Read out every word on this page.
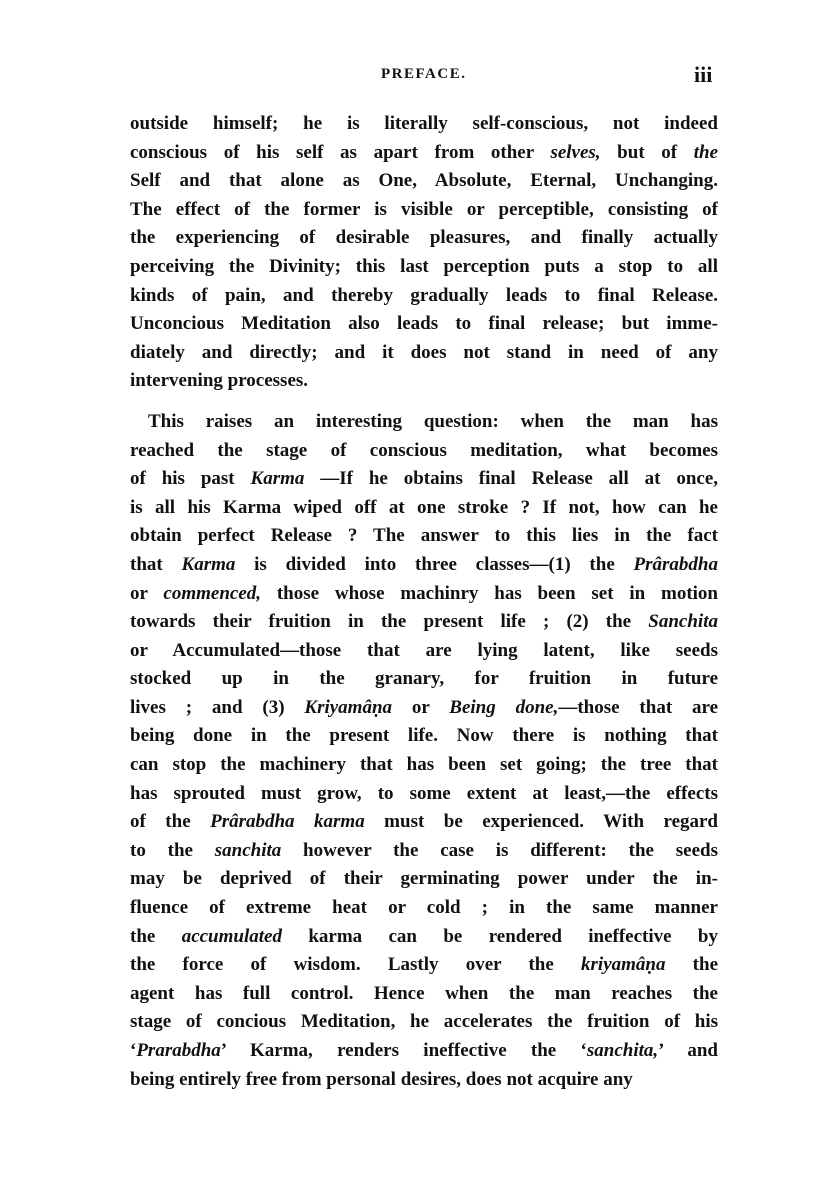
PREFACE.	iii
outside himself; he is literally self-conscious, not indeed
conscious of his self as apart from other selves, but of the
Self and that alone as One, Absolute, Eternal, Unchanging.
The effect of the former is visible or perceptible, consisting of
the experiencing of desirable pleasures, and finally actually
perceiving the Divinity; this last perception puts a stop to all
kinds of pain, and thereby gradually leads to final Release.
Unconcious Meditation also leads to final release; but imme-
diately and directly; and it does not stand in need of any
intervening processes.
This raises an interesting question: when the man has
reached the stage of conscious meditation, what becomes
of his past Karma —If he obtains final Release all at once,
is all his Karma wiped off at one stroke ? If not, how can he
obtain perfect Release ? The answer to this lies in the fact
that Karma is divided into three classes—(1) the Prârabdha
or commenced, those whose machinry has been set in motion
towards their fruition in the present life ; (2) the Sanchita
or Accumulated—those that are lying latent, like seeds
stocked up in the granary, for fruition in future
lives ; and (3) Kriyamâṇa or Being done,—those that are
being done in the present life. Now there is nothing that
can stop the machinery that has been set going; the tree that
has sprouted must grow, to some extent at least,—the effects
of the Prârabdha karma must be experienced. With regard
to the sanchita however the case is different: the seeds
may be deprived of their germinating power under the in-
fluence of extreme heat or cold ; in the same manner
the accumulated karma can be rendered ineffective by
the force of wisdom. Lastly over the kriyamâṇa the
agent has full control. Hence when the man reaches the
stage of concious Meditation, he accelerates the fruition of his
‘Prarabdha’ Karma, renders ineffective the ‘sanchita,’ and
being entirely free from personal desires, does not acquire any
